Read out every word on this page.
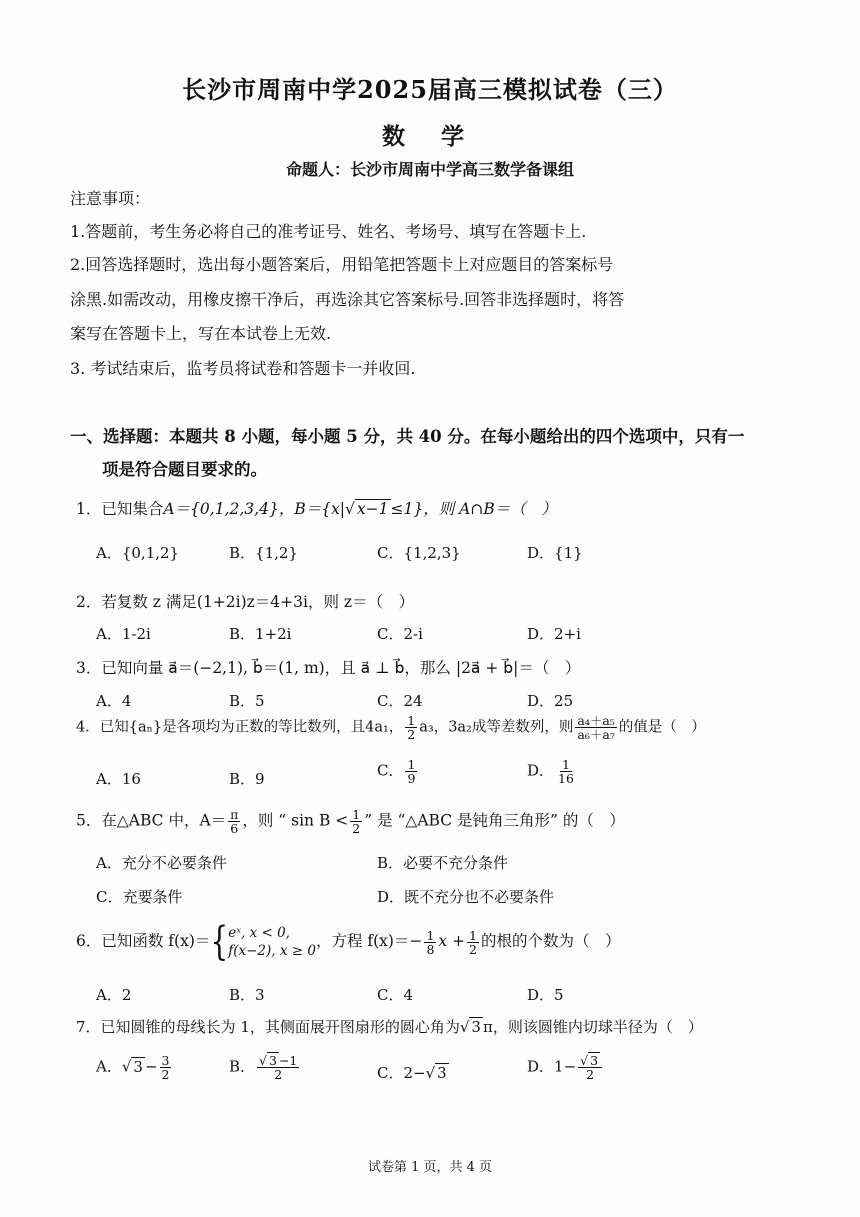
长沙市周南中学2025届高三模拟试卷（三）
数 学
命题人：长沙市周南中学高三数学备课组
注意事项：
1.答题前，考生务必将自己的准考证号、姓名、考场号、填写在答题卡上.
2.回答选择题时，选出每小题答案后，用铅笔把答题卡上对应题目的答案标号
涂黑.如需改动，用橡皮擦干净后，再选涂其它答案标号.回答非选择题时，将答
案写在答题卡上，写在本试卷上无效.
3. 考试结束后，监考员将试卷和答题卡一并收回.
一、选择题：本题共 8 小题，每小题 5 分，共 40 分。在每小题给出的四个选项中，只有一
项是符合题目要求的。
1．已知集合A＝{0,1,2,3,4}，B＝{x|√ x−1 ≤1}，则 A∩B＝（　）
A．{0,1,2}	B．{1,2}	C．{1,2,3}	D．{1}
2．若复数 z 满足(1+2i)z＝4+3i，则 z＝（　）
A．1-2i	B．1+2i	C．2-i	D．2+i
3．已知向量 a⃗＝(−2,1), b⃗＝(1, m)，且 a⃗ ⊥ b⃗，那么 |2a⃗ + b⃗|＝（　）
A．4	B．5	C．24	D．25
4．已知{aₙ}是各项均为正数的等比数列，且4a₁， $\frac{1}{2} a_3$，3a₂成等差数列，则 $\frac{\text{a₄＋a₅}}{\text{a₆＋a₇}}$ 的值是（　）
A．16	B．9	C． $\frac{1}{9}$	D． $\frac{1}{16}$
5．在△ABC 中，$A= \frac{\pi}{6}$ ，则 “ $\sin B < \frac{1}{2}$ ” 是 “△ABC 是钝角三角形” 的（　）
A．充分不必要条件	B．必要不充分条件
C．充要条件	D．既不充分也不必要条件
6．已知函数 f(x)＝{ eˣ, x < 0,
f(x−2), x ≥ 0
，方程 $f(x)=- \frac{1}{8}$ $x + \frac{1}{2}$ 的根的个数为（　）
A．2	B．3	C．4	D．5
7．已知圆锥的母线长为 1，其侧面展开图扇形的圆心角为√ 3 π，则该圆锥内切球半径为（　）
A．√ $3 - \frac{3}{2}$	B． $\frac{√ 3 -1}{2}$	C．2−√ 3	D．$1- \frac{√ 3}{2}$
试卷第 1 页，共 4 页
